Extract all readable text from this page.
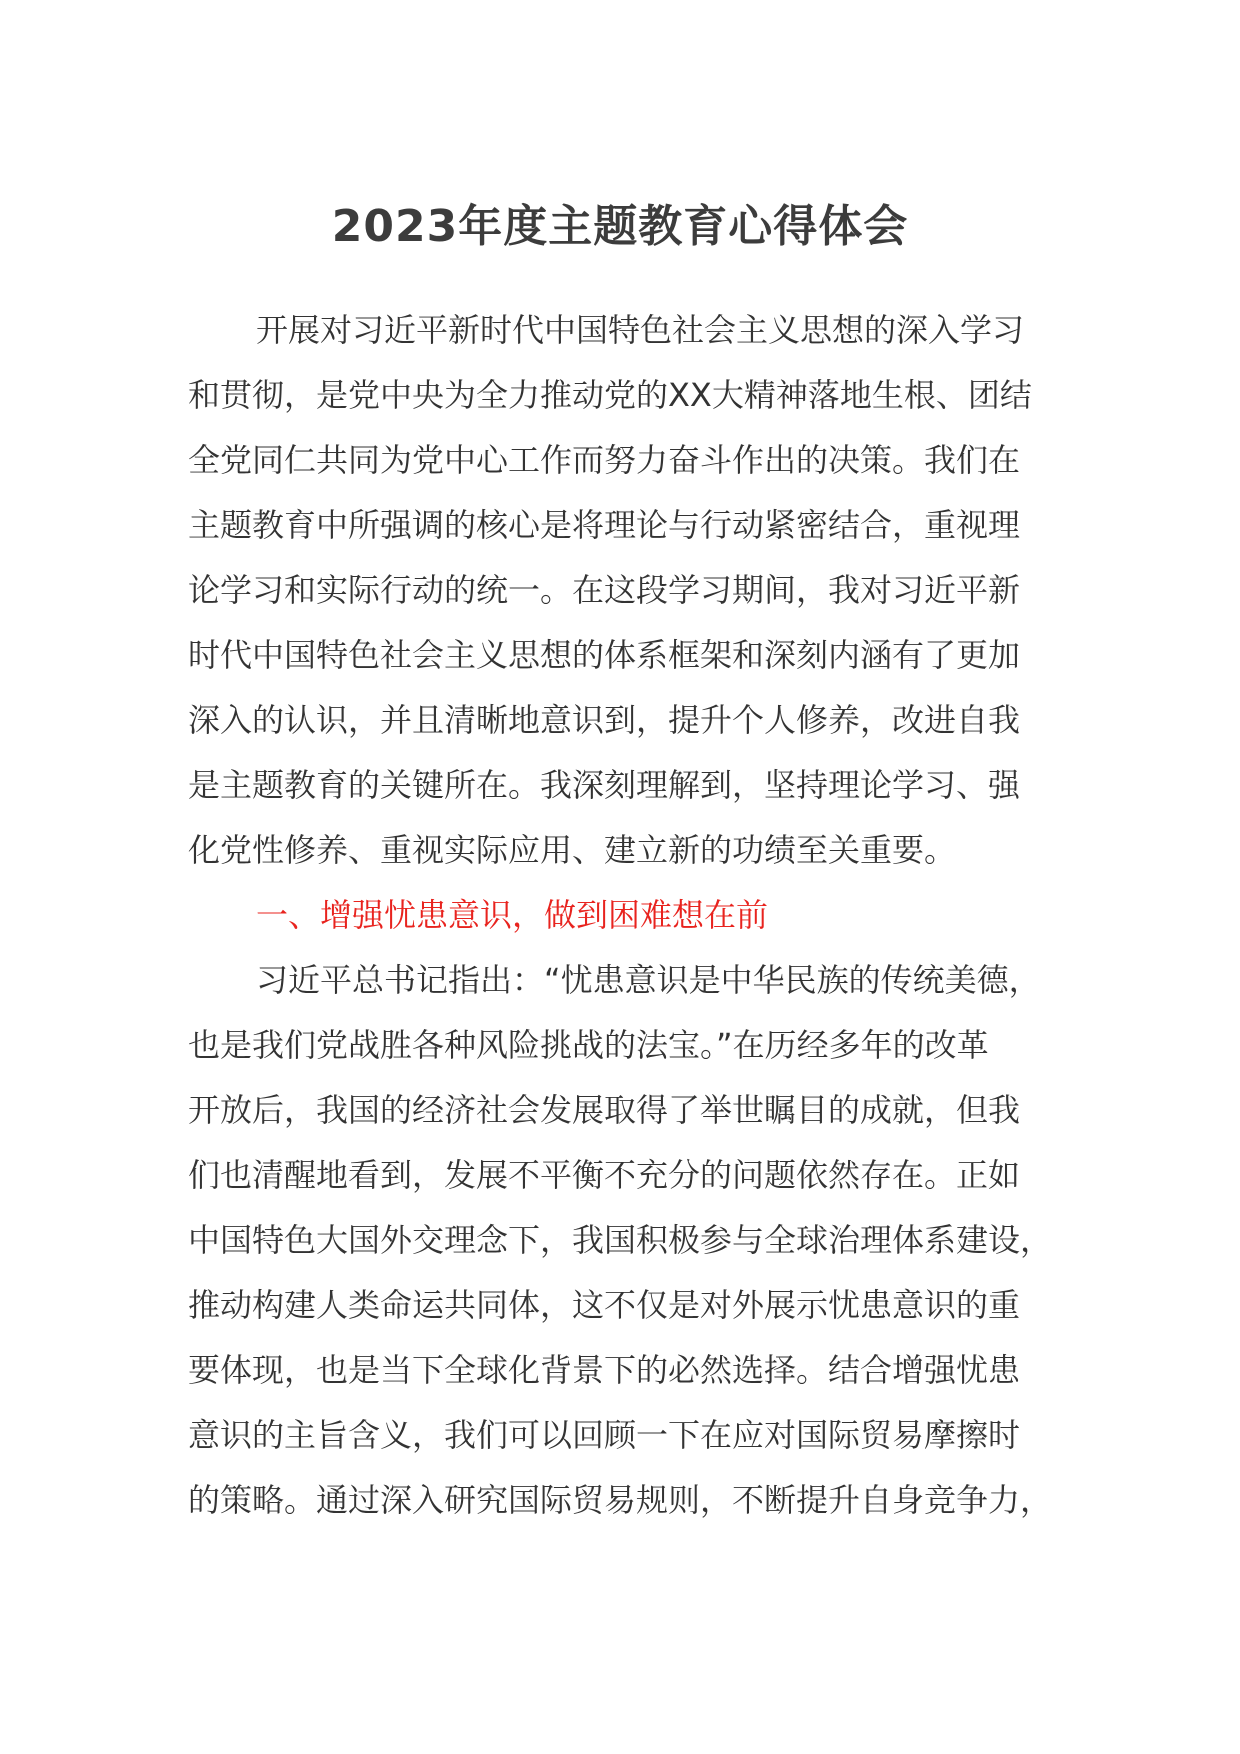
2023年度主题教育心得体会
开展对习近平新时代中国特色社会主义思想的深入学习
和贯彻，是党中央为全力推动党的XX大精神落地生根、团结
全党同仁共同为党中心工作而努力奋斗作出的决策。我们在
主题教育中所强调的核心是将理论与行动紧密结合，重视理
论学习和实际行动的统一。在这段学习期间，我对习近平新
时代中国特色社会主义思想的体系框架和深刻内涵有了更加
深入的认识，并且清晰地意识到，提升个人修养，改进自我
是主题教育的关键所在。我深刻理解到，坚持理论学习、强
化党性修养、重视实际应用、建立新的功绩至关重要。
一、增强忧患意识，做到困难想在前
习近平总书记指出：“忧患意识是中华民族的传统美德，
也是我们党战胜各种风险挑战的法宝。”在历经多年的改革
开放后，我国的经济社会发展取得了举世瞩目的成就，但我
们也清醒地看到，发展不平衡不充分的问题依然存在。正如
中国特色大国外交理念下，我国积极参与全球治理体系建设，
推动构建人类命运共同体，这不仅是对外展示忧患意识的重
要体现，也是当下全球化背景下的必然选择。结合增强忧患
意识的主旨含义，我们可以回顾一下在应对国际贸易摩擦时
的策略。通过深入研究国际贸易规则，不断提升自身竞争力，
